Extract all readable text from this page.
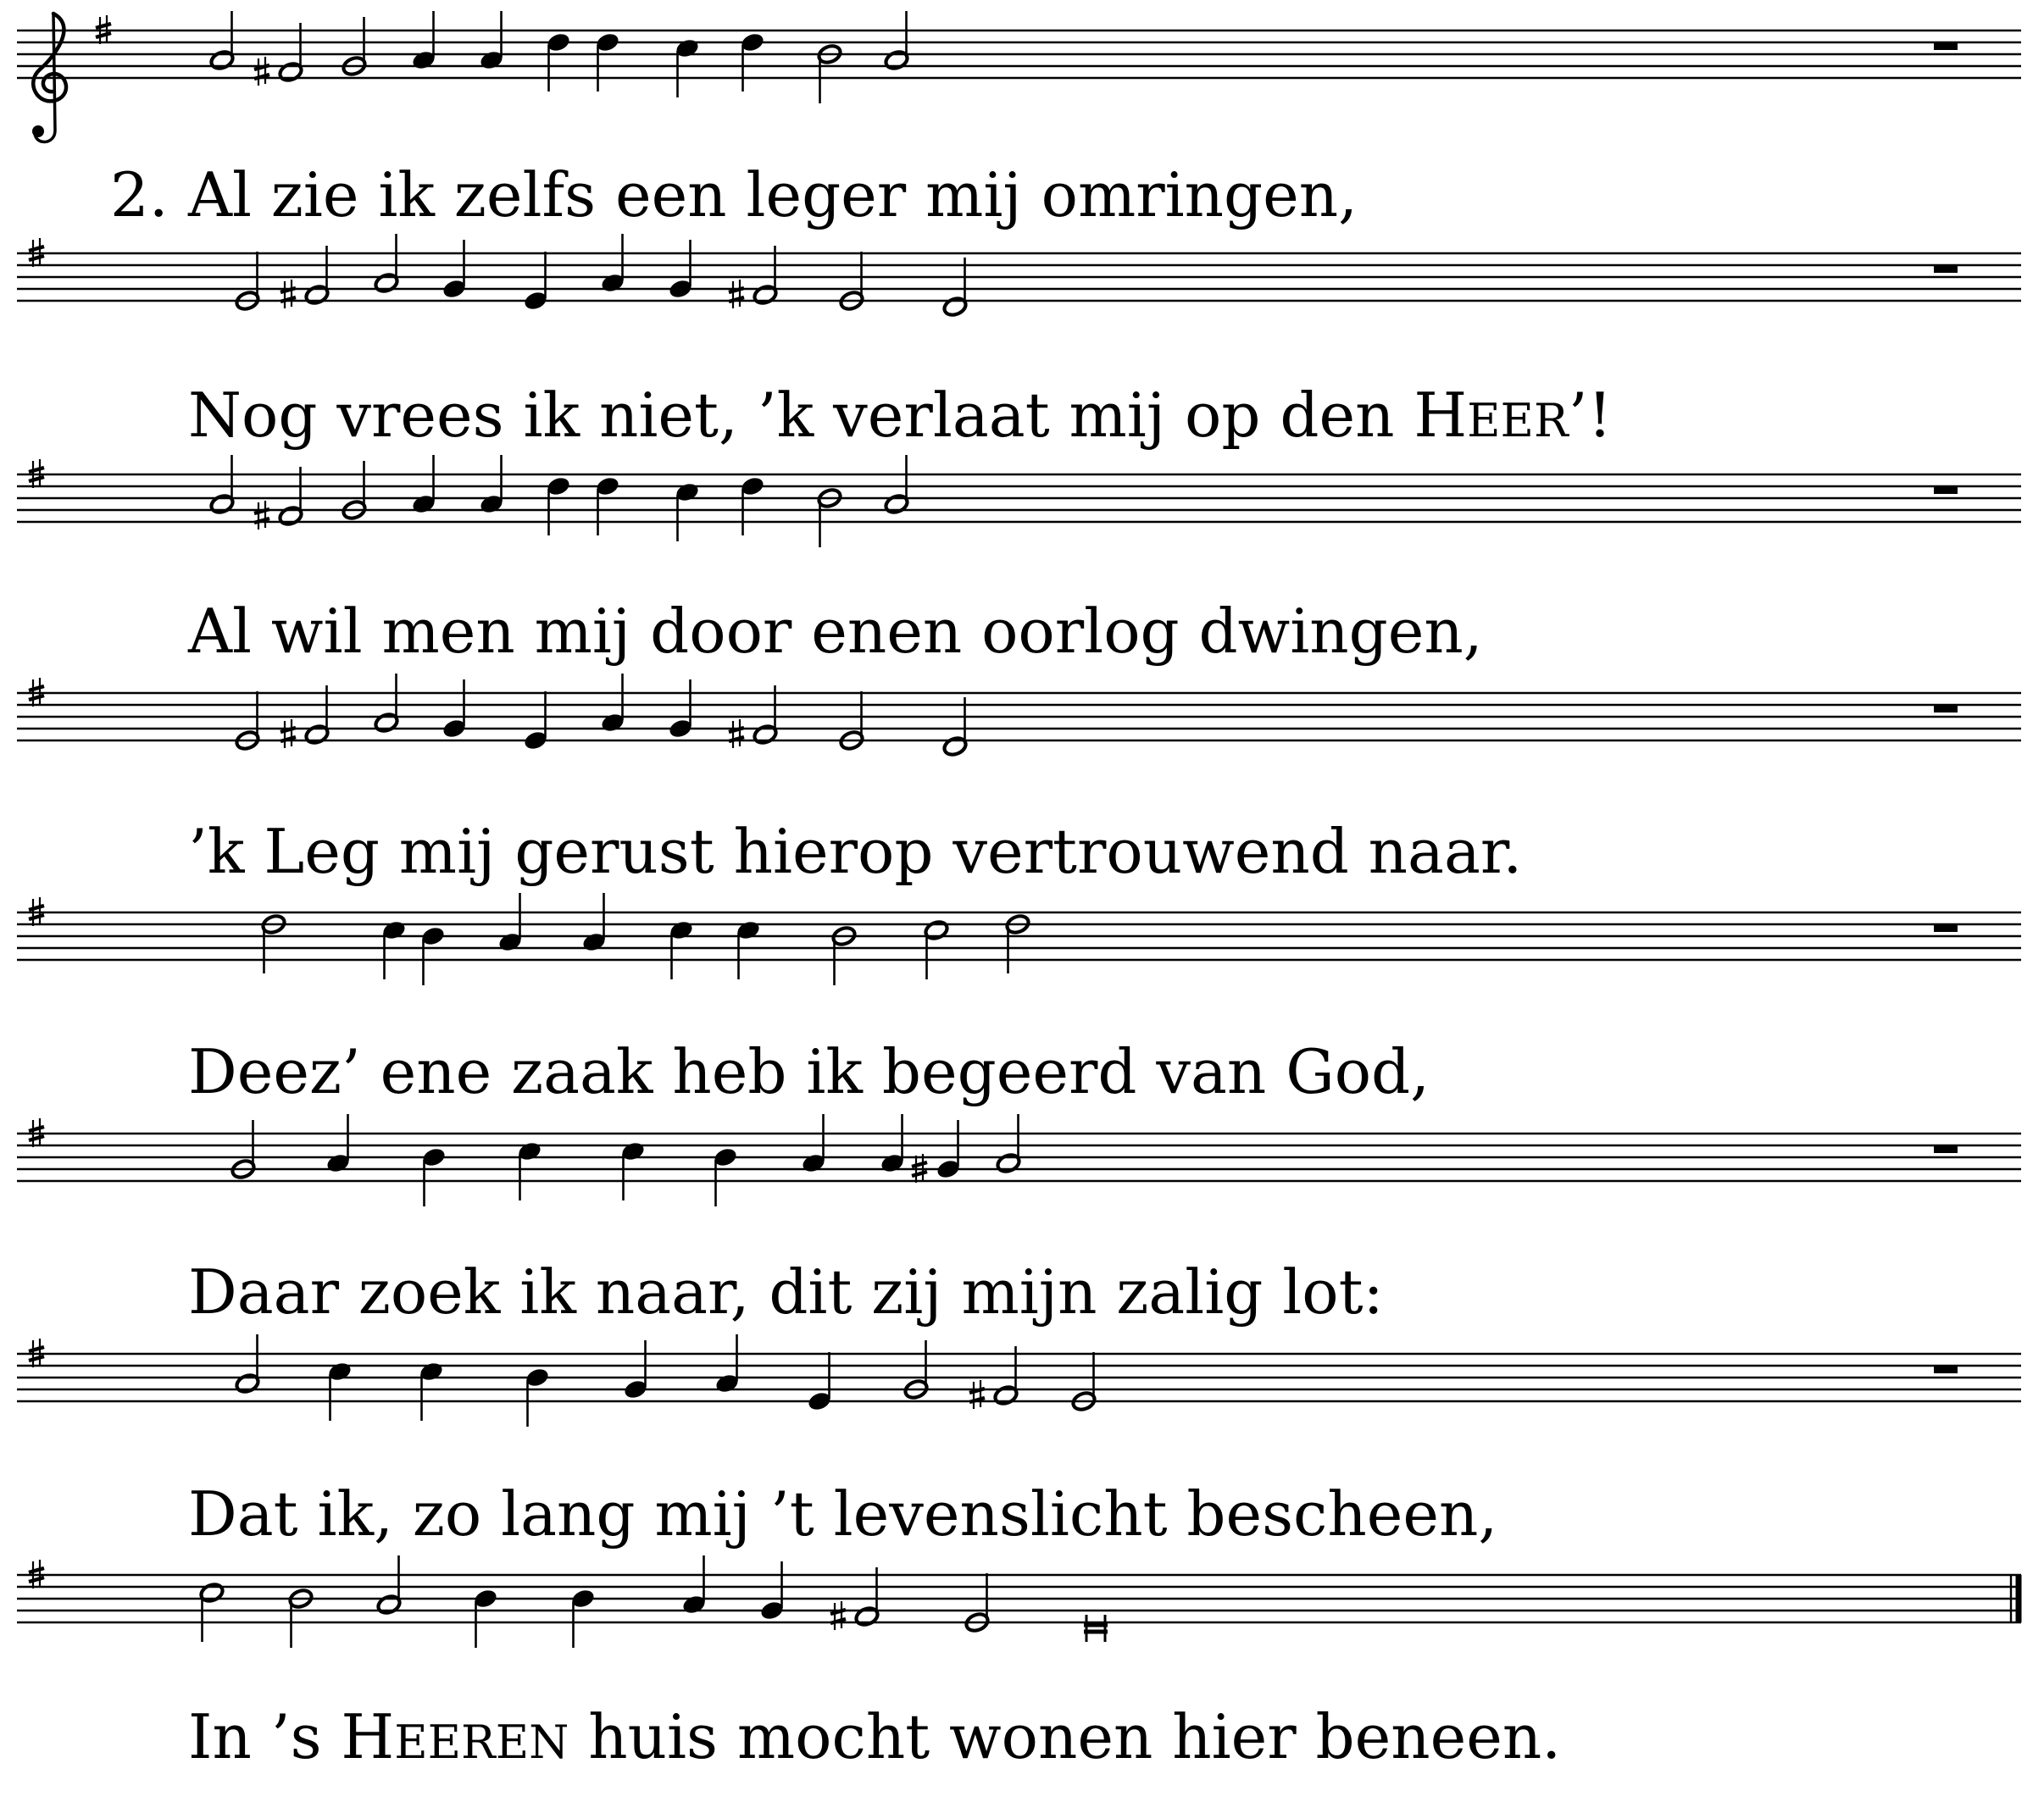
2. Al zie ik zelfs een leger mij omringen,
Nog vrees ik niet, ’k verlaat mij op den HEER’!
Al wil men mij door enen oorlog dwingen,
’k Leg mij gerust hierop vertrouwend naar.
Deez’ ene zaak heb ik begeerd van God,
Daar zoek ik naar, dit zij mijn zalig lot:
Dat ik, zo lang mij ’t levenslicht bescheen,
In ’s HEEREN huis mocht wonen hier beneen.
